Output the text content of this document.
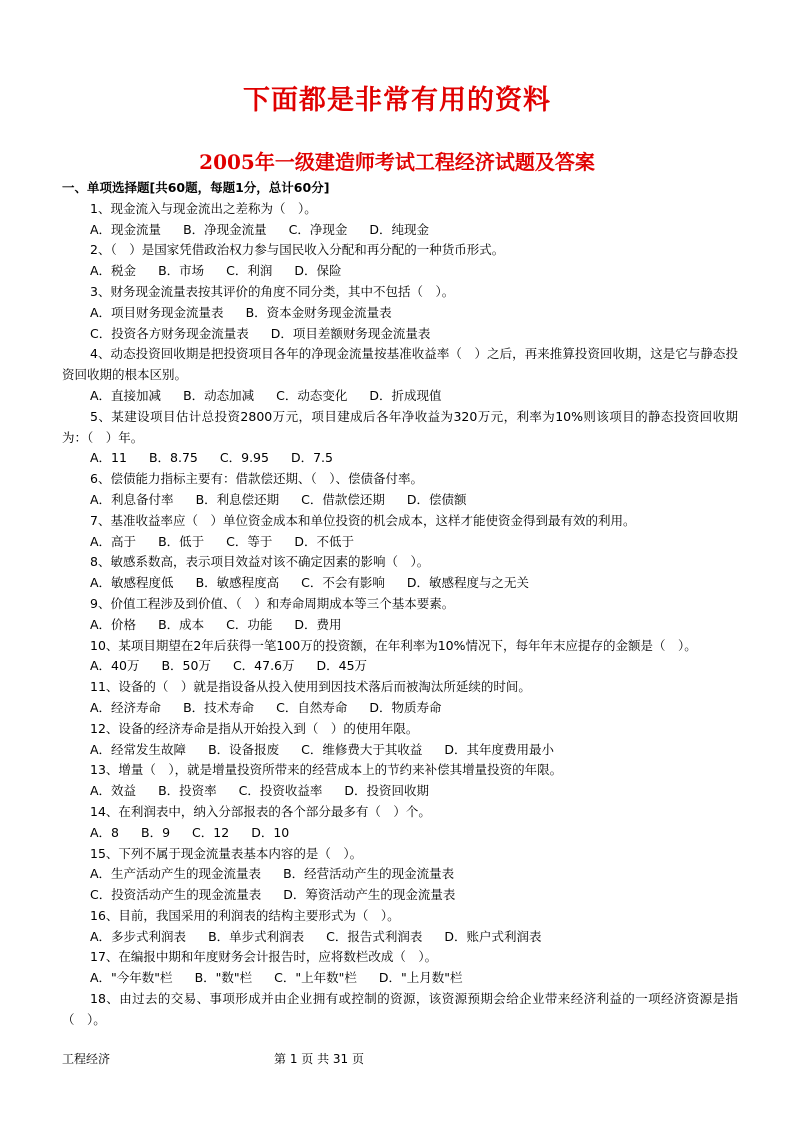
下面都是非常有用的资料
2005年一级建造师考试工程经济试题及答案
一、单项选择题[共60题，每题1分，总计60分]
1、现金流入与现金流出之差称为（　）。
A．现金流量 B．净现金流量 C．净现金 D．纯现金
2、（　）是国家凭借政治权力参与国民收入分配和再分配的一种货币形式。
A．税金 B．市场 C．利润 D．保险
3、财务现金流量表按其评价的角度不同分类，其中不包括（　）。
A．项目财务现金流量表 B．资本金财务现金流量表
C．投资各方财务现金流量表 D．项目差额财务现金流量表
4、动态投资回收期是把投资项目各年的净现金流量按基准收益率（　）之后，再来推算投资回收期，这是它与静态投资回收期的根本区别。
A．直接加减 B．动态加减 C．动态变化 D．折成现值
5、某建设项目估计总投资2800万元，项目建成后各年净收益为320万元，利率为10%则该项目的静态投资回收期为：（　）年。
A．11 B．8.75 C．9.95 D．7.5
6、偿债能力指标主要有：借款偿还期、（　）、偿债备付率。
A．利息备付率 B．利息偿还期 C．借款偿还期 D．偿债额
7、基准收益率应（　）单位资金成本和单位投资的机会成本，这样才能使资金得到最有效的利用。
A．高于 B．低于 C．等于 D．不低于
8、敏感系数高，表示项目效益对该不确定因素的影响（　）。
A．敏感程度低 B．敏感程度高 C．不会有影响 D．敏感程度与之无关
9、价值工程涉及到价值、（　）和寿命周期成本等三个基本要素。
A．价格 B．成本 C．功能 D．费用
10、某项目期望在2年后获得一笔100万的投资额，在年利率为10%情况下，每年年末应提存的金额是（　）。
A．40万 B．50万 C．47.6万 D．45万
11、设备的（　）就是指设备从投入使用到因技术落后而被淘汰所延续的时间。
A．经济寿命 B．技术寿命 C．自然寿命 D．物质寿命
12、设备的经济寿命是指从开始投入到（　）的使用年限。
A．经常发生故障 B．设备报废 C．维修费大于其收益 D．其年度费用最小
13、增量（　），就是增量投资所带来的经营成本上的节约来补偿其增量投资的年限。
A．效益 B．投资率 C．投资收益率 D．投资回收期
14、在利润表中，纳入分部报表的各个部分最多有（　）个。
A．8 B．9 C．12 D．10
15、下列不属于现金流量表基本内容的是（　）。
A．生产活动产生的现金流量表 B．经营活动产生的现金流量表
C．投资活动产生的现金流量表 D．筹资活动产生的现金流量表
16、目前，我国采用的利润表的结构主要形式为（　）。
A．多步式利润表 B．单步式利润表 C．报告式利润表 D．账户式利润表
17、在编报中期和年度财务会计报告时，应将数栏改成（　）。
A．"今年数"栏 B．"数"栏 C．"上年数"栏 D．"上月数"栏
18、由过去的交易、事项形成并由企业拥有或控制的资源，该资源预期会给企业带来经济利益的一项经济资源是指（　）。
工程经济	第 1 页 共 31 页
